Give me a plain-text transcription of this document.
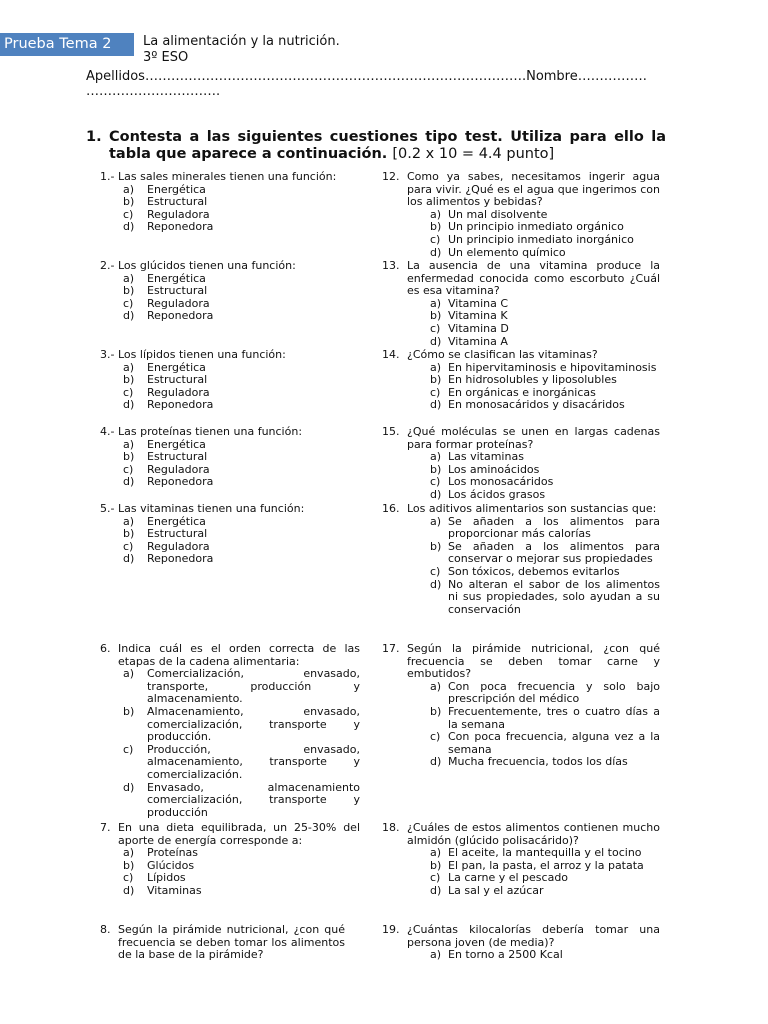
Prueba Tema 2	La alimentación y la nutrición.
3º ESO
Apellidos…………………………………………………………………………….Nombre…………….
………………………….
1. Contesta a las siguientes cuestiones tipo test. Utiliza para ello la tabla que aparece a continuación. [0.2 x 10 = 4.4 punto]
1.- Las sales minerales tienen una función:
a) Energética
b) Estructural
c) Reguladora
d) Reponedora
2.- Los glúcidos tienen una función:
a) Energética
b) Estructural
c) Reguladora
d) Reponedora
3.- Los lípidos tienen una función:
a) Energética
b) Estructural
c) Reguladora
d) Reponedora
4.- Las proteínas tienen una función:
a) Energética
b) Estructural
c) Reguladora
d) Reponedora
5.- Las vitaminas tienen una función:
a) Energética
b) Estructural
c) Reguladora
d) Reponedora
6. Indica cuál es el orden correcta de las etapas de la cadena alimentaria:
a) Comercialización, envasado, transporte, producción y almacenamiento.
b) Almacenamiento, envasado, comercialización, transporte y producción.
c) Producción, envasado, almacenamiento, transporte y comercialización.
d) Envasado, almacenamiento comercialización, transporte y producción
7. En una dieta equilibrada, un 25-30% del aporte de energía corresponde a:
a) Proteínas
b) Glúcidos
c) Lípidos
d) Vitaminas
8. Según la pirámide nutricional, ¿con qué frecuencia se deben tomar los alimentos de la base de la pirámide?
12. Como ya sabes, necesitamos ingerir agua para vivir. ¿Qué es el agua que ingerimos con los alimentos y bebidas?
a) Un mal disolvente
b) Un principio inmediato orgánico
c) Un principio inmediato inorgánico
d) Un elemento químico
13. La ausencia de una vitamina produce la enfermedad conocida como escorbuto ¿Cuál es esa vitamina?
a) Vitamina C
b) Vitamina K
c) Vitamina D
d) Vitamina A
14. ¿Cómo se clasifican las vitaminas?
a) En hipervitaminosis e hipovitaminosis
b) En hidrosolubles y liposolubles
c) En orgánicas e inorgánicas
d) En monosacáridos y disacáridos
15. ¿Qué moléculas se unen en largas cadenas para formar proteínas?
a) Las vitaminas
b) Los aminoácidos
c) Los monosacáridos
d) Los ácidos grasos
16. Los aditivos alimentarios son sustancias que:
a) Se añaden a los alimentos para proporcionar más calorías
b) Se añaden a los alimentos para conservar o mejorar sus propiedades
c) Son tóxicos, debemos evitarlos
d) No alteran el sabor de los alimentos ni sus propiedades, solo ayudan a su conservación
17. Según la pirámide nutricional, ¿con qué frecuencia se deben tomar carne y embutidos?
a) Con poca frecuencia y solo bajo prescripción del médico
b) Frecuentemente, tres o cuatro días a la semana
c) Con poca frecuencia, alguna vez a la semana
d) Mucha frecuencia, todos los días
18. ¿Cuáles de estos alimentos contienen mucho almidón (glúcido polisacárido)?
a) El aceite, la mantequilla y el tocino
b) El pan, la pasta, el arroz y la patata
c) La carne y el pescado
d) La sal y el azúcar
19. ¿Cuántas kilocalorías debería tomar una persona joven (de media)?
a) En torno a 2500 Kcal
